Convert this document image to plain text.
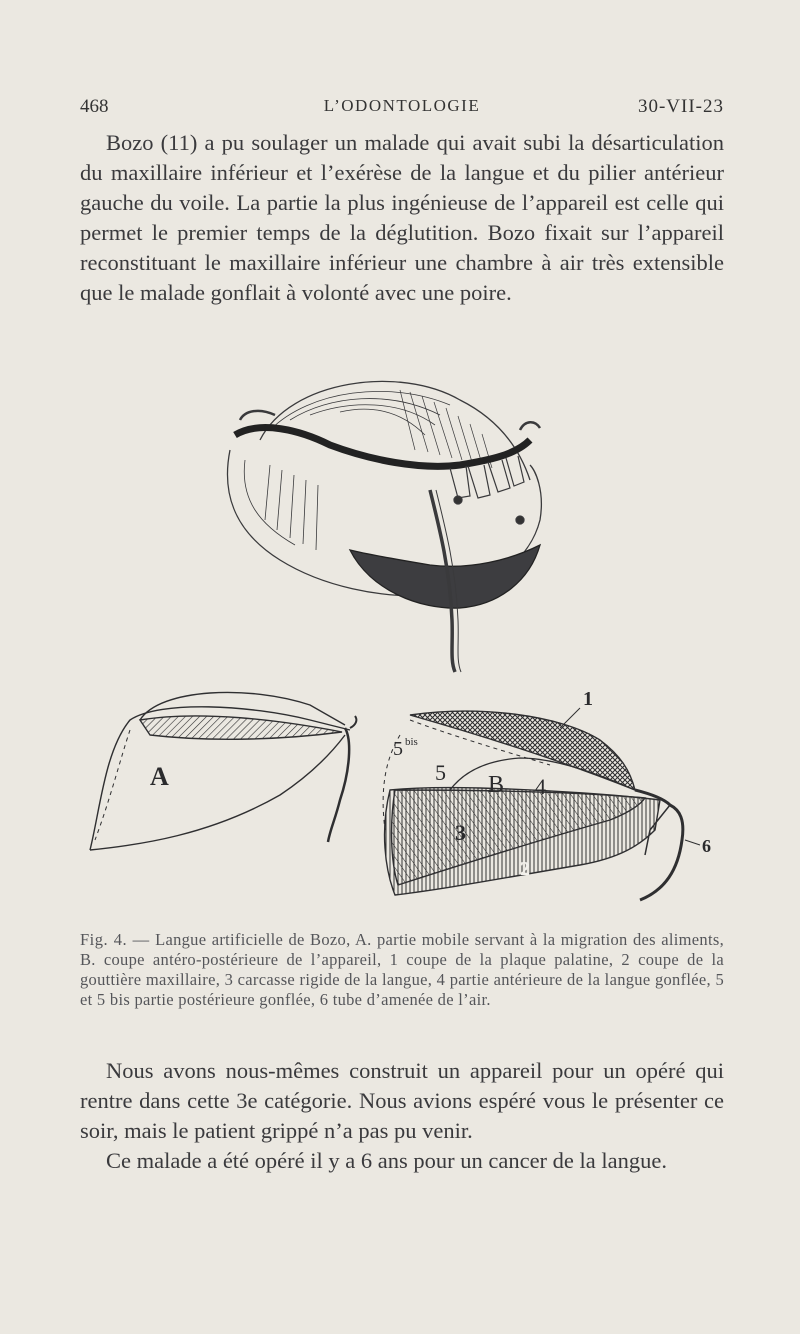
468	L’ODONTOLOGIE	30-VII-23

Bozo (11) a pu soulager un malade qui avait subi la désarticulation du maxillaire inférieur et l’exérèse de la langue et du pilier antérieur gauche du voile. La partie la plus ingénieuse de l’appareil est celle qui permet le premier temps de la déglutition. Bozo fixait sur l’appareil reconstituant le maxillaire inférieur une chambre à air très extensible que le malade gonflait à volonté avec une poire.

A	B
1
2
3
4
5
5 bis
6
Fig. 4. — Langue artificielle de Bozo, A. partie mobile servant à la migration des aliments, B. coupe antéro-postérieure de l’appareil, 1 coupe de la plaque palatine, 2 coupe de la gouttière maxillaire, 3 carcasse rigide de la langue, 4 partie antérieure de la langue gonflée, 5 et 5 bis partie postérieure gonflée, 6 tube d’amenée de l’air.

Nous avons nous-mêmes construit un appareil pour un opéré qui rentre dans cette 3e catégorie. Nous avions espéré vous le présenter ce soir, mais le patient grippé n’a pas pu venir.

Ce malade a été opéré il y a 6 ans pour un cancer de la langue.
